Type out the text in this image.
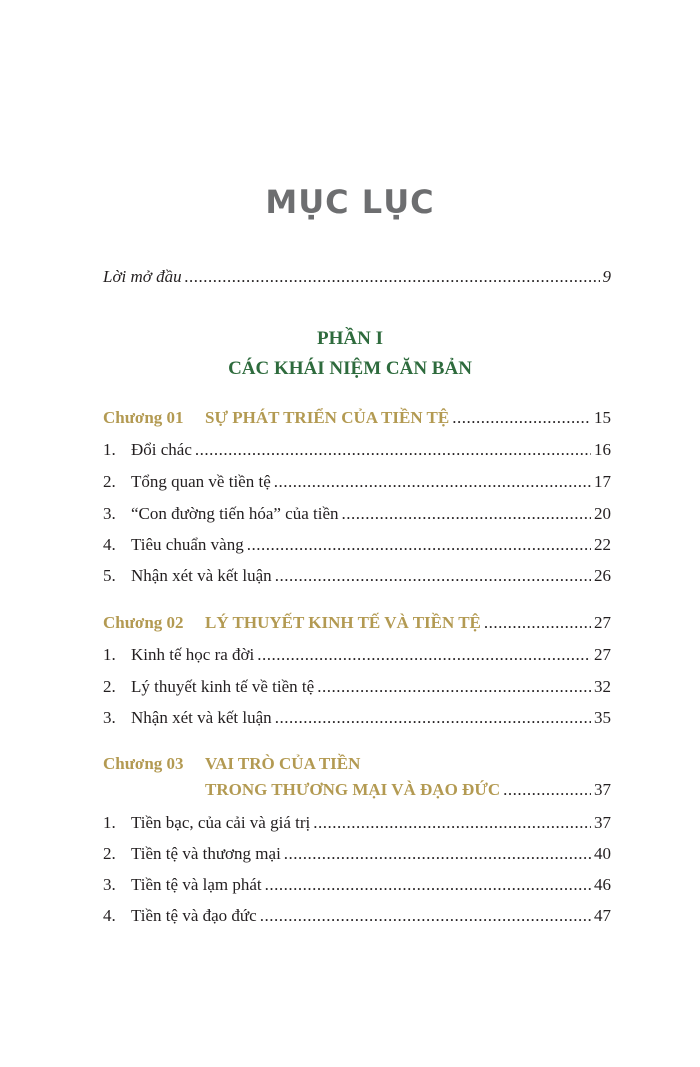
MỤC LỤC
Lời mở đầu .....	9
PHẦN I
CÁC KHÁI NIỆM CĂN BẢN
Chương 01 SỰ PHÁT TRIỂN CỦA TIỀN TỆ .....	15
1. Đổi chác .....	16
2. Tổng quan về tiền tệ .....	17
3. “Con đường tiến hóa” của tiền .....	20
4. Tiêu chuẩn vàng .....	22
5. Nhận xét và kết luận .....	26
Chương 02 LÝ THUYẾT KINH TẾ VÀ TIỀN TỆ .....	27
1. Kinh tế học ra đời .....	27
2. Lý thuyết kinh tế về tiền tệ .....	32
3. Nhận xét và kết luận .....	35
Chương 03 VAI TRÒ CỦA TIỀN
TRONG THƯƠNG MẠI VÀ ĐẠO ĐỨC .....	37
1. Tiền bạc, của cải và giá trị .....	37
2. Tiền tệ và thương mại .....	40
3. Tiền tệ và lạm phát .....	46
4. Tiền tệ và đạo đức .....	47
